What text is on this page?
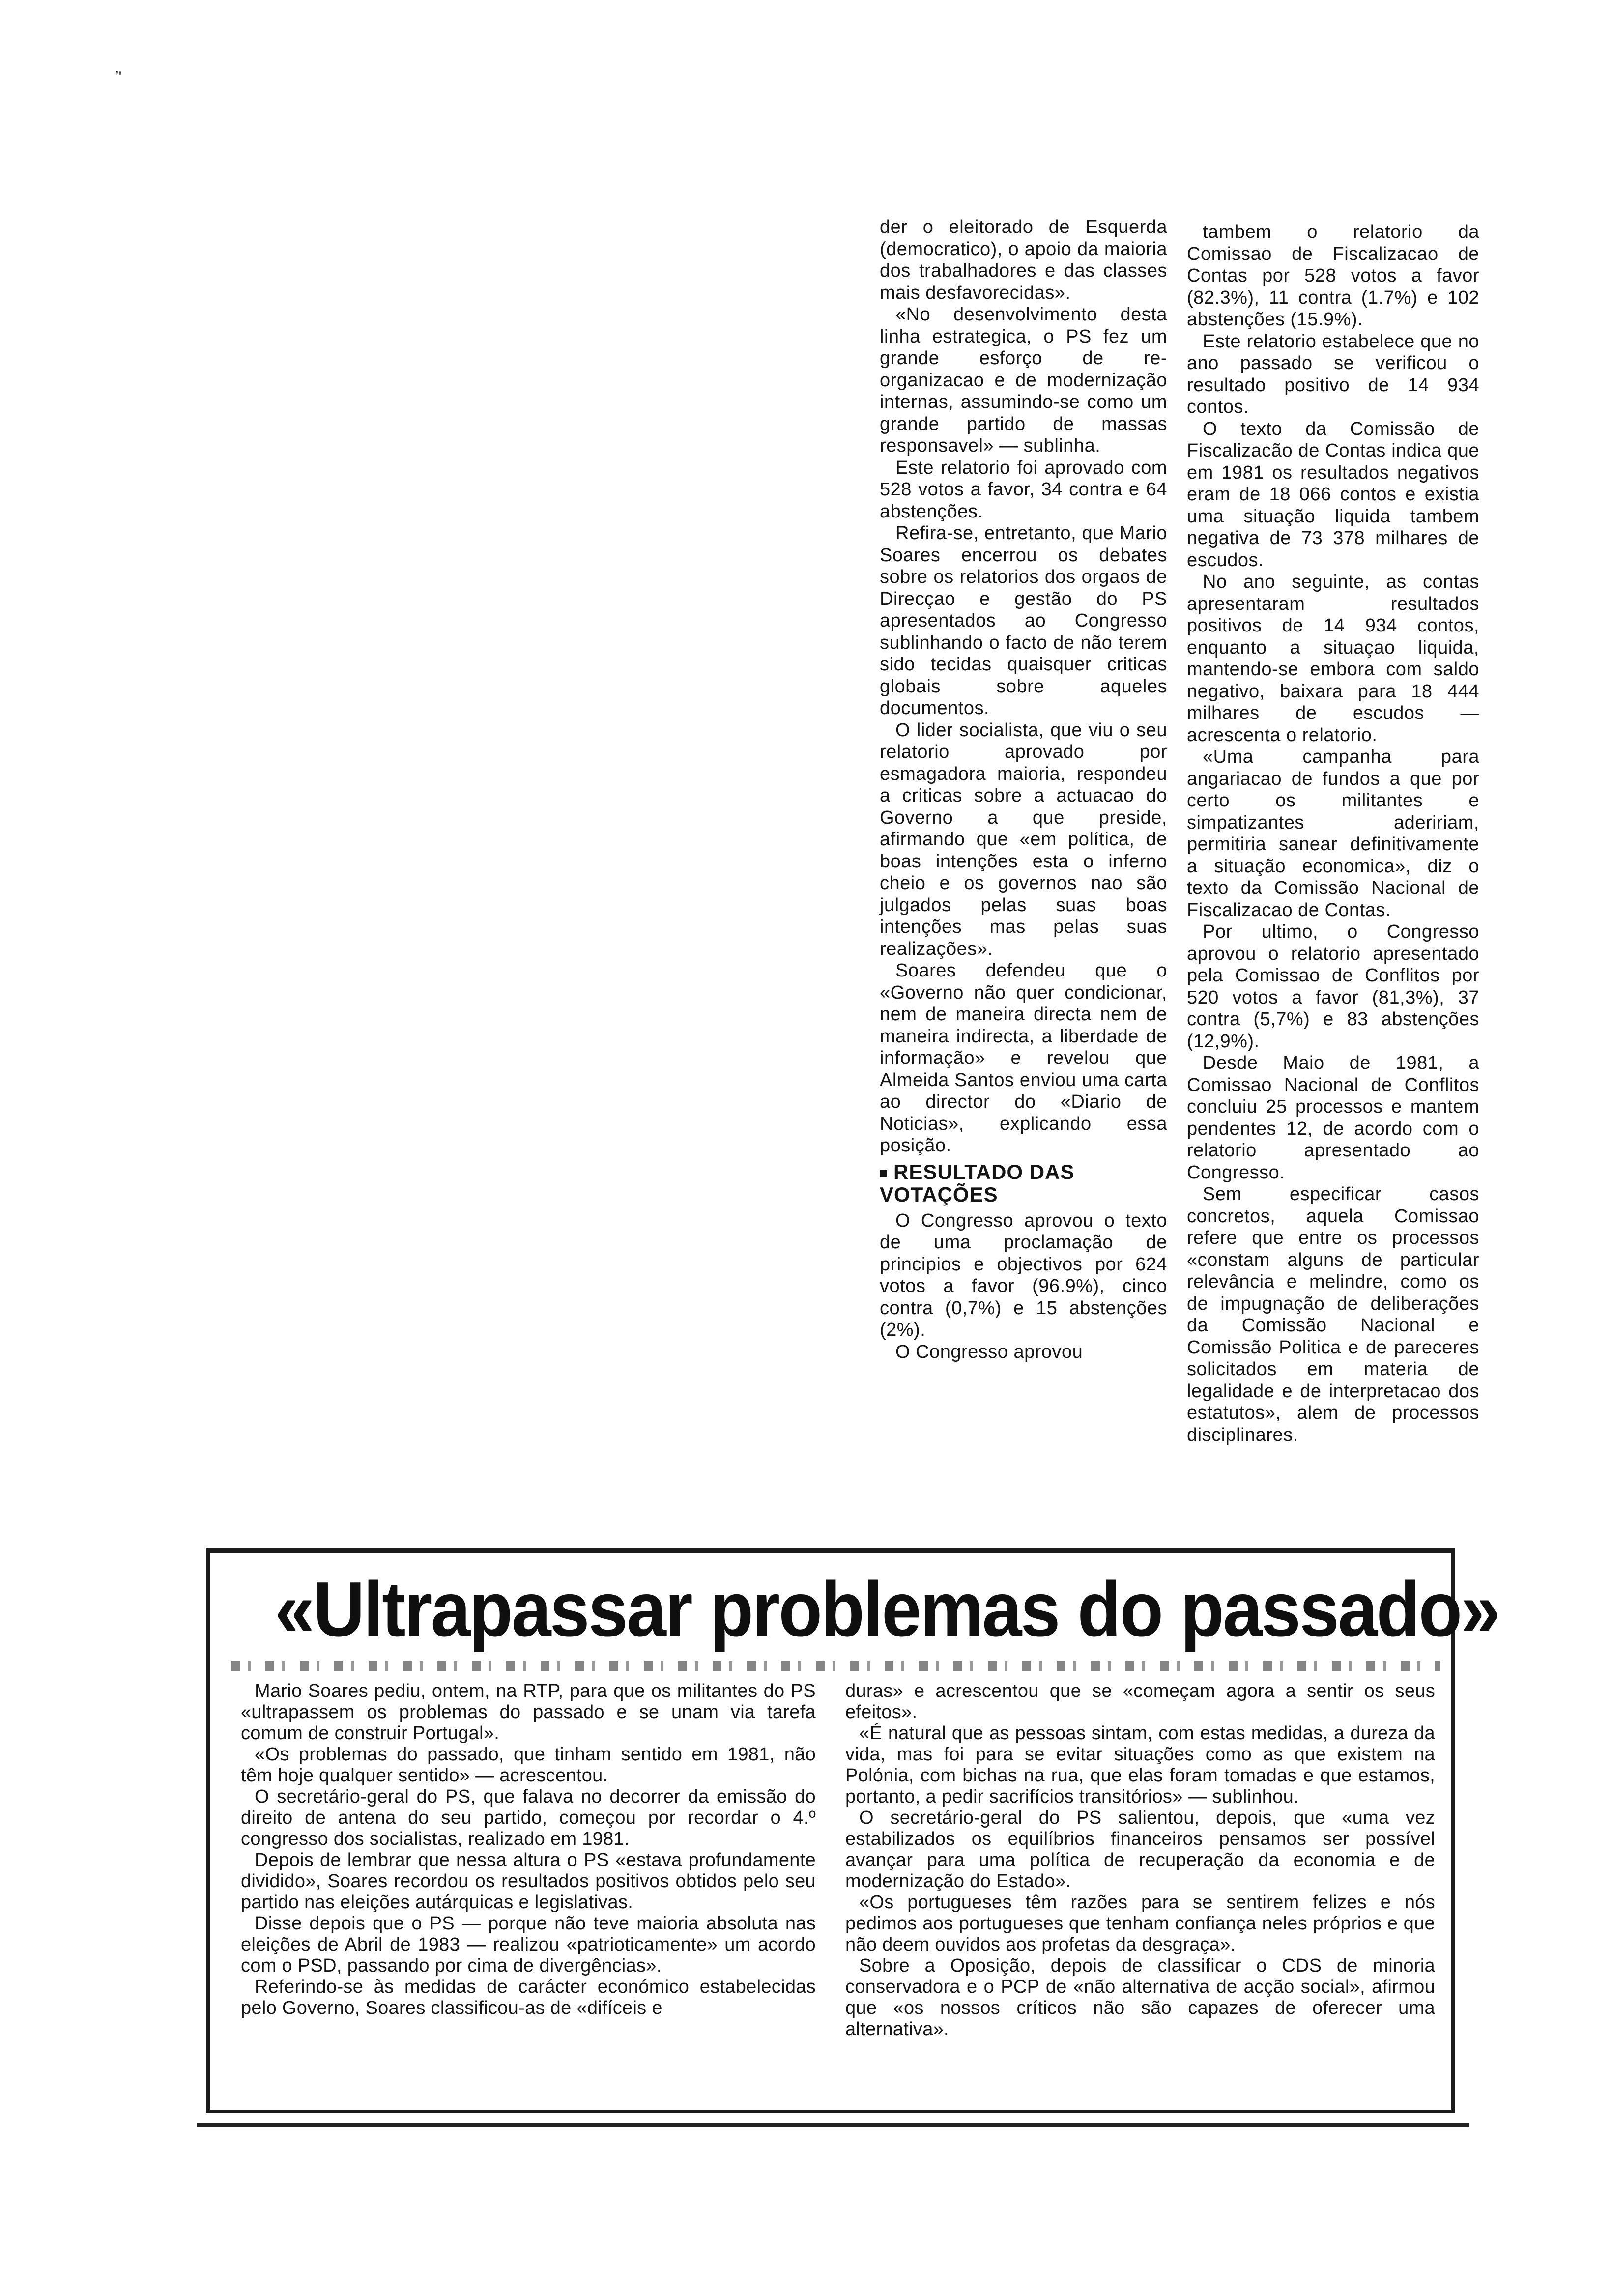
ʼ'

der o eleitorado de Esquerda (democratico), o apoio da maioria dos trabalhadores e das classes mais desfavorecidas».

«No desenvolvimento desta linha estrategica, o PS fez um grande esforço de re-organizacao e de modernização internas, assumindo-se como um grande partido de massas responsavel» — sublinha.

Este relatorio foi aprovado com 528 votos a favor, 34 contra e 64 abstenções.

Refira-se, entretanto, que Mario Soares encerrou os debates sobre os relatorios dos orgaos de Direcçao e gestão do PS apresentados ao Congresso sublinhando o facto de não terem sido tecidas quaisquer criticas globais sobre aqueles documentos.

O lider socialista, que viu o seu relatorio aprovado por esmagadora maioria, respondeu a criticas sobre a actuacao do Governo a que preside, afirmando que «em política, de boas intenções esta o inferno cheio e os governos nao são julgados pelas suas boas intenções mas pelas suas realizações».

Soares defendeu que o «Governo não quer condicionar, nem de maneira directa nem de maneira indirecta, a liberdade de informação» e revelou que Almeida Santos enviou uma carta ao director do «Diario de Noticias», explicando essa posição.

RESULTADO DAS VOTAÇÕES

O Congresso aprovou o texto de uma proclamação de principios e objectivos por 624 votos a favor (96.9%), cinco contra (0,7%) e 15 abstenções (2%).

O Congresso aprovou

tambem o relatorio da Comissao de Fiscalizacao de Contas por 528 votos a favor (82.3%), 11 contra (1.7%) e 102 abstenções (15.9%).

Este relatorio estabelece que no ano passado se verificou o resultado positivo de 14 934 contos.

O texto da Comissão de Fiscalizacão de Contas indica que em 1981 os resultados negativos eram de 18 066 contos e existia uma situação liquida tambem negativa de 73 378 milhares de escudos.

No ano seguinte, as contas apresentaram resultados positivos de 14 934 contos, enquanto a situaçao liquida, mantendo-se embora com saldo negativo, baixara para 18 444 milhares de escudos — acrescenta o relatorio.

«Uma campanha para angariacao de fundos a que por certo os militantes e simpatizantes adeririam, permitiria sanear definitivamente a situação economica», diz o texto da Comissão Nacional de Fiscalizacao de Contas.

Por ultimo, o Congresso aprovou o relatorio apresentado pela Comissao de Conflitos por 520 votos a favor (81,3%), 37 contra (5,7%) e 83 abstenções (12,9%).

Desde Maio de 1981, a Comissao Nacional de Conflitos concluiu 25 processos e mantem pendentes 12, de acordo com o relatorio apresentado ao Congresso.

Sem especificar casos concretos, aquela Comissao refere que entre os processos «constam alguns de particular relevância e melindre, como os de impugnação de deliberações da Comissão Nacional e Comissão Politica e de pareceres solicitados em materia de legalidade e de interpretacao dos estatutos», alem de processos disciplinares.

«Ultrapassar problemas do passado»

Mario Soares pediu, ontem, na RTP, para que os militantes do PS «ultrapassem os problemas do passado e se unam via tarefa comum de construir Portugal».

«Os problemas do passado, que tinham sentido em 1981, não têm hoje qualquer sentido» — acrescentou.

O secretário-geral do PS, que falava no decorrer da emissão do direito de antena do seu partido, começou por recordar o 4.º congresso dos socialistas, realizado em 1981.

Depois de lembrar que nessa altura o PS «estava profundamente dividido», Soares recordou os resultados positivos obtidos pelo seu partido nas eleições autárquicas e legislativas.

Disse depois que o PS — porque não teve maioria absoluta nas eleições de Abril de 1983 — realizou «patrioticamente» um acordo com o PSD, passando por cima de divergências».

Referindo-se às medidas de carácter económico estabelecidas pelo Governo, Soares classificou-as de «difíceis e

duras» e acrescentou que se «começam agora a sentir os seus efeitos».

«É natural que as pessoas sintam, com estas medidas, a dureza da vida, mas foi para se evitar situações como as que existem na Polónia, com bichas na rua, que elas foram tomadas e que estamos, portanto, a pedir sacrifícios transitórios» — sublinhou.

O secretário-geral do PS salientou, depois, que «uma vez estabilizados os equilíbrios financeiros pensamos ser possível avançar para uma política de recuperação da economia e de modernização do Estado».

«Os portugueses têm razões para se sentirem felizes e nós pedimos aos portugueses que tenham confiança neles próprios e que não deem ouvidos aos profetas da desgraça».

Sobre a Oposição, depois de classificar o CDS de minoria conservadora e o PCP de «não alternativa de acção social», afirmou que «os nossos críticos não são capazes de oferecer uma alternativa».
